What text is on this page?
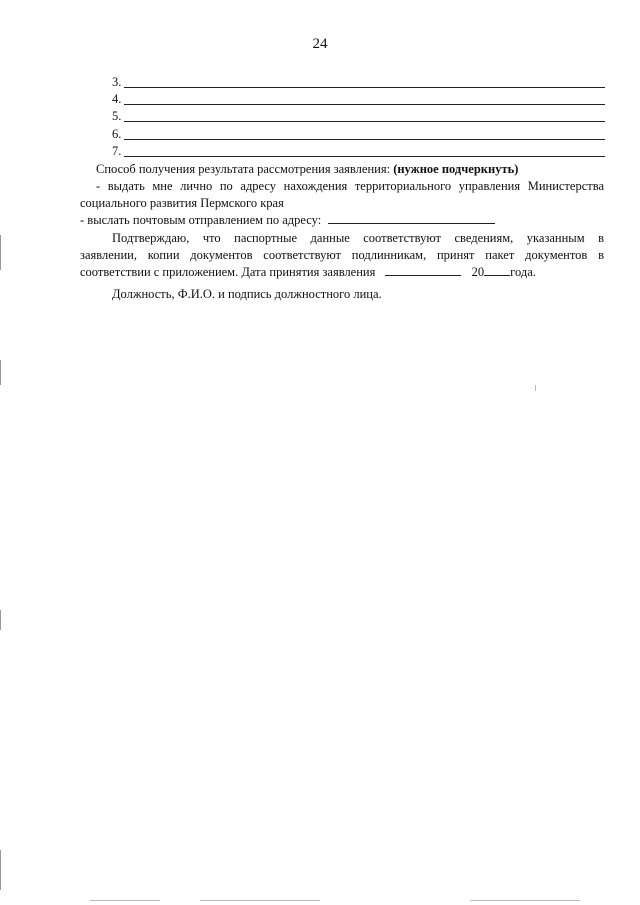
24
3.
4.
5.
6.
7.
Способ получения результата рассмотрения заявления: (нужное подчеркнуть)
- выдать мне лично по адресу нахождения территориального управления Министерства
социального развития Пермского края
- выслать почтовым отправлением по адресу:
Подтверждаю, что паспортные данные соответствуют сведениям, указанным в
заявлении, копии документов соответствуют подлинникам, принят пакет документов в
соответствии с приложением. Дата принятия заявления	20 года.
Должность, Ф.И.О. и подпись должностного лица.
